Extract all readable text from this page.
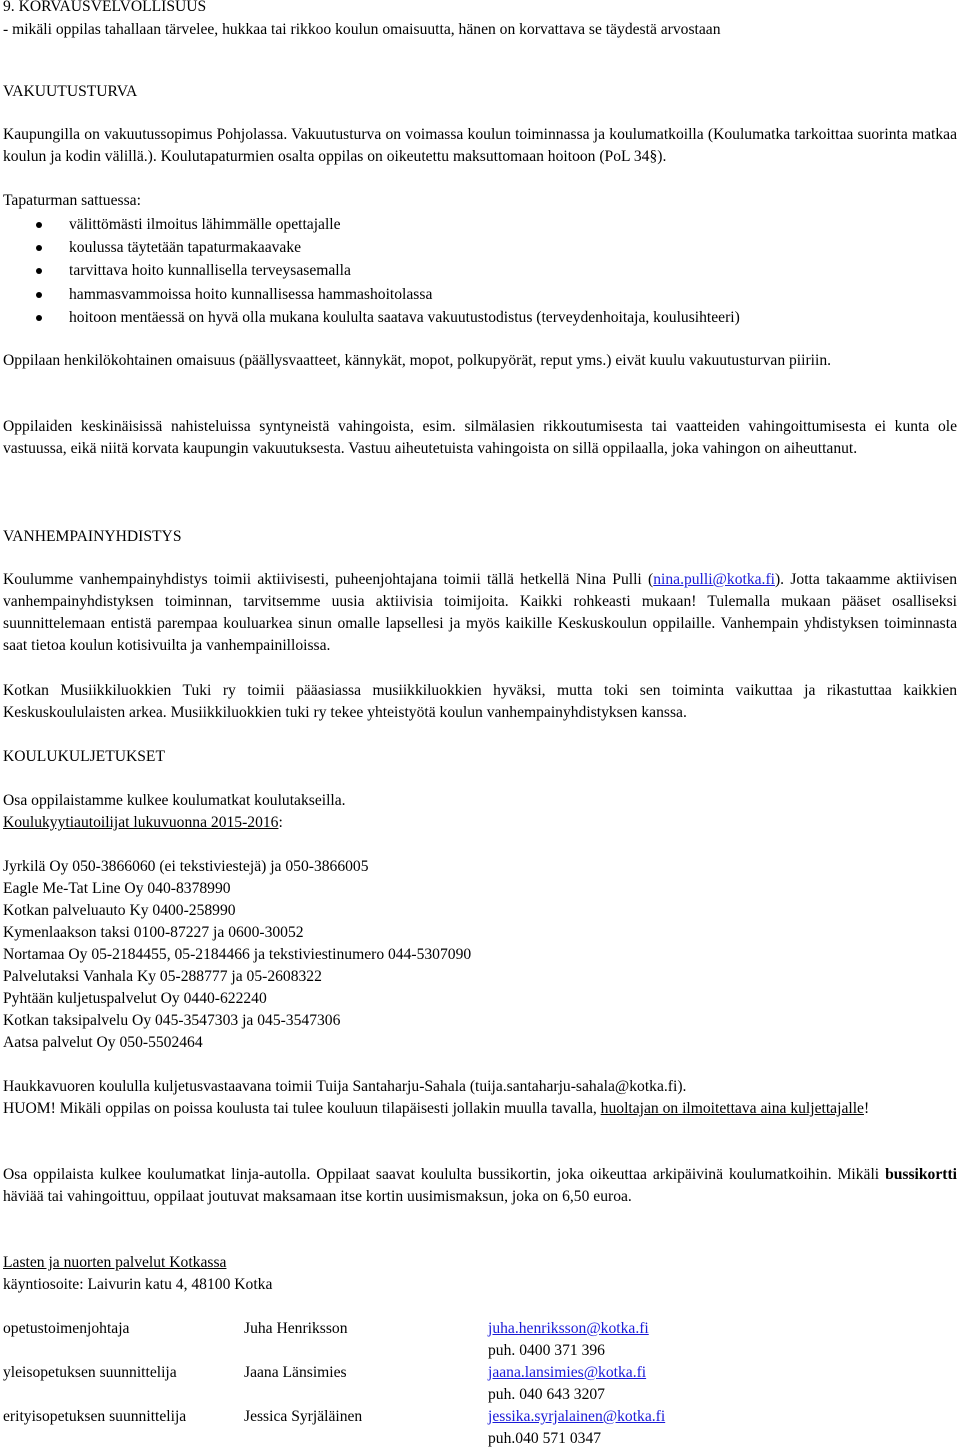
9. KORVAUSVELVOLLISUUS
- mikäli oppilas tahallaan tärvelee, hukkaa tai rikkoo koulun omaisuutta, hänen on korvattava se täydestä arvostaan
VAKUUTUSTURVA

Kaupungilla on vakuutussopimus Pohjolassa. Vakuutusturva on voimassa koulun toiminnassa ja koulumatkoilla (Koulumatka tarkoittaa suorinta matkaa koulun ja kodin välillä.). Koulutapaturmien osalta oppilas on oikeutettu maksuttomaan hoitoon (PoL 34§).

Tapaturman sattuessa:
välittömästi ilmoitus lähimmälle opettajalle
koulussa täytetään tapaturmakaavake
tarvittava hoito kunnallisella terveysasemalla
hammasvammoissa hoito kunnallisessa hammashoitolassa
hoitoon mentäessä on hyvä olla mukana koululta saatava vakuutustodistus (terveydenhoitaja, koulusihteeri)

Oppilaan henkilökohtainen omaisuus (päällysvaatteet, kännykät, mopot, polkupyörät, reput yms.) eivät kuulu vakuutusturvan piiriin.

Oppilaiden keskinäisissä nahisteluissa syntyneistä vahingoista, esim. silmälasien rikkoutumisesta tai vaatteiden vahingoittumisesta ei kunta ole vastuussa, eikä niitä korvata kaupungin vakuutuksesta. Vastuu aiheutetuista vahingoista on sillä oppilaalla, joka vahingon on aiheuttanut.

VANHEMPAINYHDISTYS

Koulumme vanhempainyhdistys toimii aktiivisesti, puheenjohtajana toimii tällä hetkellä Nina Pulli (nina.pulli@kotka.fi). Jotta takaamme aktiivisen vanhempainyhdistyksen toiminnan, tarvitsemme uusia aktiivisia toimijoita. Kaikki rohkeasti mukaan! Tulemalla mukaan pääset osalliseksi suunnittelemaan entistä parempaa kouluarkea sinun omalle lapsellesi ja myös kaikille Keskuskoulun oppilaille. Vanhempain yhdistyksen toiminnasta saat tietoa koulun kotisivuilta ja vanhempainilloissa.

Kotkan Musiikkiluokkien Tuki ry toimii pääasiassa musiikkiluokkien hyväksi, mutta toki sen toiminta vaikuttaa ja rikastuttaa kaikkien Keskuskoululaisten arkea. Musiikkiluokkien tuki ry tekee yhteistyötä koulun vanhempainyhdistyksen kanssa.

KOULUKULJETUKSET
Osa oppilaistamme kulkee koulumatkat koulutakseilla.
Koulukyytiautoilijat lukuvuonna 2015-2016:
Jyrkilä Oy 050-3866060 (ei tekstiviestejä) ja 050-3866005
Eagle Me-Tat Line Oy 040-8378990
Kotkan palveluauto Ky 0400-258990
Kymenlaakson taksi 0100-87227 ja 0600-30052
Nortamaa Oy 05-2184455, 05-2184466 ja tekstiviestinumero 044-5307090
Palvelutaksi Vanhala Ky 05-288777 ja 05-2608322
Pyhtään kuljetuspalvelut Oy 0440-622240
Kotkan taksipalvelu Oy 045-3547303 ja 045-3547306
Aatsa palvelut Oy 050-5502464
Haukkavuoren koululla kuljetusvastaavana toimii Tuija Santaharju-Sahala (tuija.santaharju-sahala@kotka.fi).

HUOM! Mikäli oppilas on poissa koulusta tai tulee kouluun tilapäisesti jollakin muulla tavalla, huoltajan on ilmoitettava aina kuljettajalle!

Osa oppilaista kulkee koulumatkat linja-autolla. Oppilaat saavat koululta bussikortin, joka oikeuttaa arkipäivinä koulumatkoihin. Mikäli bussikortti häviää tai vahingoittuu, oppilaat joutuvat maksamaan itse kortin uusimismaksun, joka on 6,50 euroa.

Lasten ja nuorten palvelut Kotkassa
käyntiosoite: Laivurin katu 4, 48100 Kotka
opetustoimenjohtaja	Juha Henriksson	juha.henriksson@kotka.fi
puh. 0400 371 396
yleisopetuksen suunnittelija	Jaana Länsimies	jaana.lansimies@kotka.fi
puh. 040 643 3207
erityisopetuksen suunnittelija	Jessica Syrjäläinen	jessika.syrjalainen@kotka.fi
puh.040 571 0347
